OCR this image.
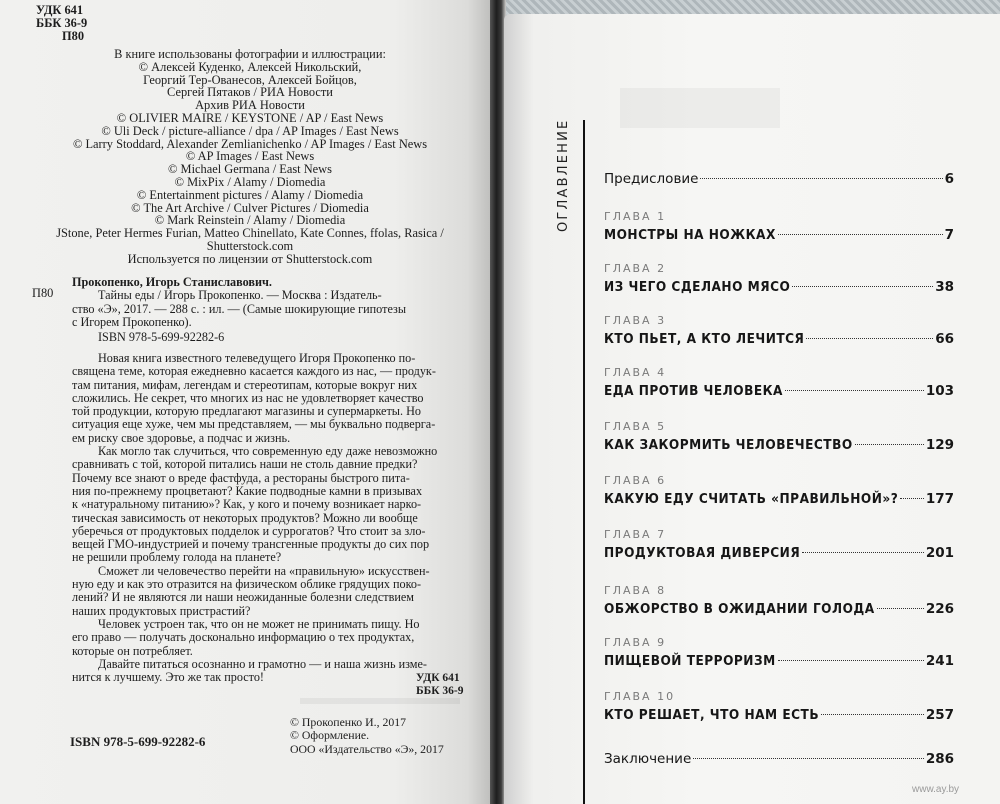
УДК 641
ББК 36-9
П80
В книге использованы фотографии и иллюстрации:
© Алексей Куденко, Алексей Никольский,
Георгий Тер-Ованесов, Алексей Бойцов,
Сергей Пятаков / РИА Новости
Архив РИА Новости
© OLIVIER MAIRE / KEYSTONE / AP / East News
© Uli Deck / picture-alliance / dpa / AP Images / East News
© Larry Stoddard, Alexander Zemlianichenko / AP Images / East News
© AP Images / East News
© Michael Germana / East News
© MixPix / Alamy / Diomedia
© Entertainment pictures / Alamy / Diomedia
© The Art Archive / Culver Pictures / Diomedia
© Mark Reinstein / Alamy / Diomedia
JStone, Peter Hermes Furian, Matteo Chinellato, Kate Connes, ffolas, Rasica /
Shutterstock.com
Используется по лицензии от Shutterstock.com
П80
Прокопенко, Игорь Станиславович.
Тайны еды / Игорь Прокопенко. — Москва : Издатель-
ство «Э», 2017. — 288 с. : ил. — (Самые шокирующие гипотезы
с Игорем Прокопенко).
ISBN 978-5-699-92282-6
Новая книга известного телеведущего Игоря Прокопенко по-
священа теме, которая ежедневно касается каждого из нас, — продук-
там питания, мифам, легендам и стереотипам, которые вокруг них
сложились. Не секрет, что многих из нас не удовлетворяет качество
той продукции, которую предлагают магазины и супермаркеты. Но
ситуация еще хуже, чем мы представляем, — мы буквально подверга-
ем риску свое здоровье, а подчас и жизнь.
Как могло так случиться, что современную еду даже невозможно
сравнивать с той, которой питались наши не столь давние предки?
Почему все знают о вреде фастфуда, а рестораны быстрого пита-
ния по-прежнему процветают? Какие подводные камни в призывах
к «натуральному питанию»? Как, у кого и почему возникает нарко-
тическая зависимость от некоторых продуктов? Можно ли вообще
уберечься от продуктовых подделок и суррогатов? Что стоит за зло-
вещей ГМО-индустрией и почему трансгенные продукты до сих пор
не решили проблему голода на планете?
Сможет ли человечество перейти на «правильную» искусствен-
ную еду и как это отразится на физическом облике грядущих поко-
лений? И не являются ли наши неожиданные болезни следствием
наших продуктовых пристрастий?
Человек устроен так, что он не может не принимать пищу. Но
его право — получать досконально информацию о тех продуктах,
которые он потребляет.
Давайте питаться осознанно и грамотно — и наша жизнь изме-
нится к лучшему. Это же так просто!	УДК 641
ББК 36-9
ISBN 978-5-699-92282-6
© Прокопенко И., 2017
© Оформление.
ООО «Издательство «Э», 2017
ОГЛАВЛЕНИЕ Предисловие	6
ГЛАВА 1
МОНСТРЫ НА НОЖКАХ	7
ГЛАВА 2
ИЗ ЧЕГО СДЕЛАНО МЯСО	38
ГЛАВА 3
КТО ПЬЕТ, А КТО ЛЕЧИТСЯ	66
ГЛАВА 4
ЕДА ПРОТИВ ЧЕЛОВЕКА	103
ГЛАВА 5
КАК ЗАКОРМИТЬ ЧЕЛОВЕЧЕСТВО	129
ГЛАВА 6
КАКУЮ ЕДУ СЧИТАТЬ «ПРАВИЛЬНОЙ»? 177
ГЛАВА 7
ПРОДУКТОВАЯ ДИВЕРСИЯ	201
ГЛАВА 8
ОБЖОРСТВО В ОЖИДАНИИ ГОЛОДА	226
ГЛАВА 9
ПИЩЕВОЙ ТЕРРОРИЗМ	241
ГЛАВА 10
КТО РЕШАЕТ, ЧТО НАМ ЕСТЬ	257
Заключение	286
www.ay.by
